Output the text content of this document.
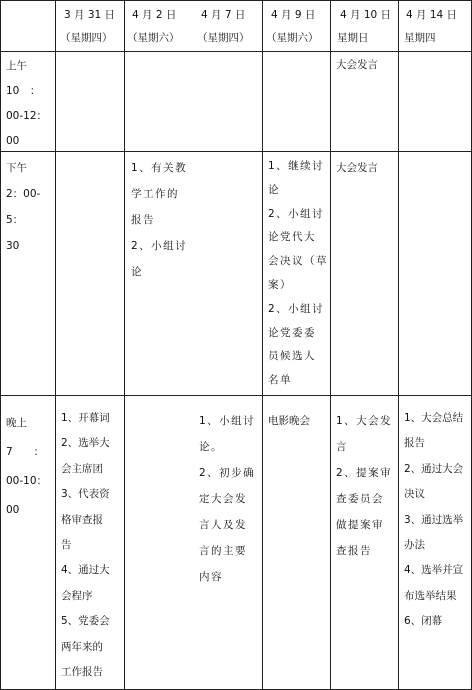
3 月 31 日
（星期四）
4 月 2 日
（星期六）
4 月 7 日
（星期四）
4 月 9 日
（星期六）
4 月 10 日
星期日
4 月 14 日
星期四
上午
10　：
00-12：
00
大会发言
下午
2：00-5：
30
1、有关教
学工作的
报告
2、小组讨
论
1、继续讨
论
2、小组讨
论党代大
会决议（草
案）
2、小组讨
论党委委
员候选人
名单
大会发言
晚上
7　　：
00-10：
00
1、开幕词
2、选举大
会主席团
3、代表资
格审查报
告
4、通过大
会程序
5、党委会
两年来的
工作报告
1、小组讨
论。
2、初步确
定大会发
言人及发
言的主要
内容
电影晚会	1、大会发
言
2、提案审
查委员会
做提案审
查报告
1、大会总结
报告
2、通过大会
决议
3、通过选举
办法
4、选举并宣
布选举结果
6、闭幕
